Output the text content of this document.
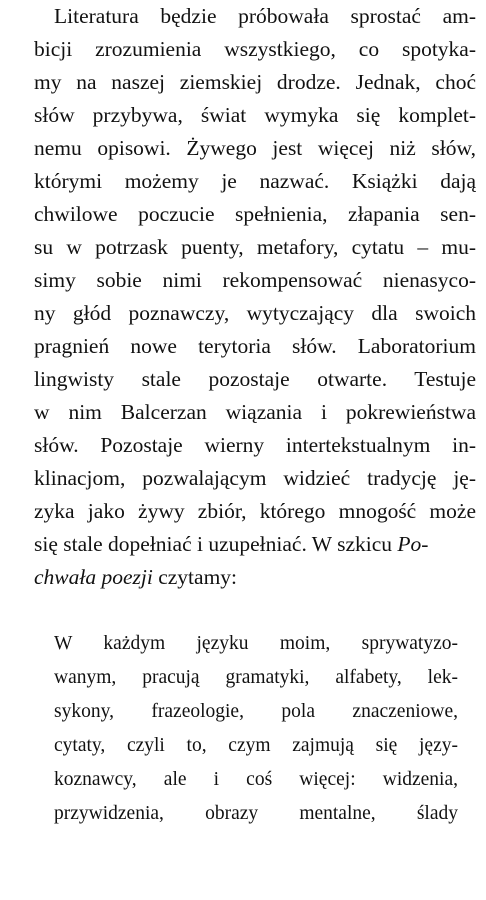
Literatura będzie próbowała sprostać am-
bicji zrozumienia wszystkiego, co spotyka-
my na naszej ziemskiej drodze. Jednak, choć
słów przybywa, świat wymyka się komplet-
nemu opisowi. Żywego jest więcej niż słów,
którymi możemy je nazwać. Książki dają
chwilowe poczucie spełnienia, złapania sen-
su w potrzask puenty, metafory, cytatu – mu-
simy sobie nimi rekompensować nienasyco-
ny głód poznawczy, wytyczający dla swoich
pragnień nowe terytoria słów. Laboratorium
lingwisty stale pozostaje otwarte. Testuje
w nim Balcerzan wiązania i pokrewieństwa
słów. Pozostaje wierny intertekstualnym in-
klinacjom, pozwalającym widzieć tradycję ję-
zyka jako żywy zbiór, którego mnogość może
się stale dopełniać i uzupełniać. W szkicu Po-
chwała poezji czytamy:
W każdym języku moim, sprywatyzo-
wanym, pracują gramatyki, alfabety, lek-
sykony, frazeologie, pola znaczeniowe,
cytaty, czyli to, czym zajmują się języ-
koznawcy, ale i coś więcej: widzenia,
przywidzenia, obrazy mentalne, ślady
